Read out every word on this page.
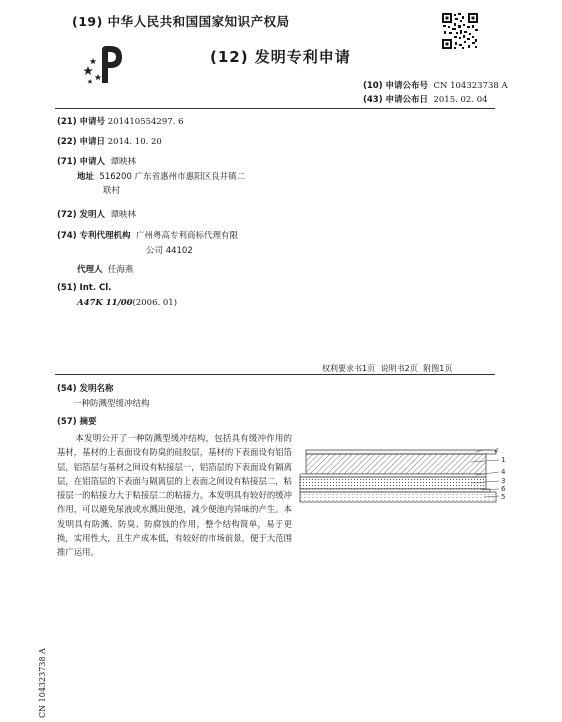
(19) 中华人民共和国国家知识产权局
(12) 发明专利申请
(10) 申请公布号 CN 104323738 A
(43) 申请公布日 2015. 02. 04
(21) 申请号 201410554297. 6
(22) 申请日 2014. 10. 20
(71) 申请人 谭映林
地址 516200 广东省惠州市惠阳区良井镇二
联村
(72) 发明人 谭映林
(74) 专利代理机构 广州粤高专利商标代理有限
公司 44102
代理人 任海燕
(51) Int. Cl.
A47K 11/00(2006. 01)
权利要求书1页 说明书2页 附图1页
(54) 发明名称
一种防溅型缓冲结构
(57) 摘要
本发明公开了一种防溅型缓冲结构，包括具有缓冲作用的基材，基材的上表面设有防臭的硅胶层，基材的下表面设有铝箔层，铝箔层与基材之间设有粘接层一，铝箔层的下表面设有隔离层，在铝箔层的下表面与隔离层的上表面之间设有粘接层二，粘接层一的粘接力大于粘接层二的粘接力。本发明具有较好的缓冲作用，可以避免尿液或水溅出便池，减少便池内异味的产生。本发明具有防溅、防臭、防腐蚀的作用，整个结构简单，易于更换，实用性大，且生产成本低，有较好的市场前景，便于大范围推广运用。
2
1
4
3
6
5
CN 104323738 A
